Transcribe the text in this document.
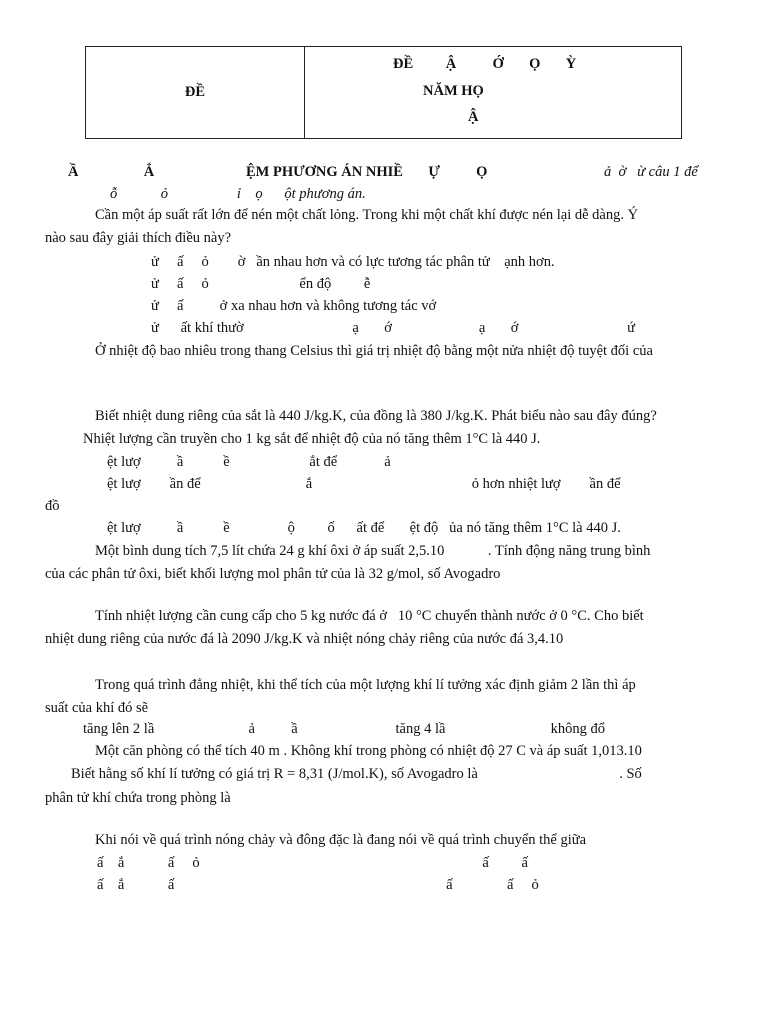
ĐỀ
ĐỀ         Ậ          Ớ       Ọ       Ỳ
NĂM HỌ
Ậ
Ầ                  Ắ	ỆM PHƯƠNG ÁN NHIỀ       Ự          Ọ	ả  ờ   ừ câu 1 để
ỗ            ỏ                   ỉ    ọ      ột phương án.
Cần một áp suất rất lớn để nén một chất lỏng. Trong khi một chất khí được nén lại dễ dàng. Ý
nào sau đây giải thích điều này?
ử     ấ     ỏ        ờ   ần nhau hơn và có lực tương tác phân tử    ạnh hơn.
ử     ấ     ỏ                         ển độ         ễ
ử     ấ          ở xa nhau hơn và không tương tác vớ
ử      ất khí thườ                              ạ       ớ                        ạ       ớ                              ứ
Ở nhiệt độ bao nhiêu trong thang Celsius thì giá trị nhiệt độ bằng một nửa nhiệt độ tuyệt đối của
Biết nhiệt dung riêng của sắt là 440 J/kg.K, của đồng là 380 J/kg.K. Phát biểu nào sau đây đúng?
Nhiệt lượng cần truyền cho 1 kg sắt để nhiệt độ của nó tăng thêm 1°C là 440 J.
ệt lượ          ầ           ề                      ắt để             ả
ệt lượ        ần để                             ắ                                            ỏ hơn nhiệt lượ        ần để
đồ
ệt lượ          ầ           ề                ộ         ố      ất để       ệt độ   ủa nó tăng thêm 1°C là 440 J.
Một bình dung tích 7,5 lít chứa 24 g khí ôxi ở áp suất 2,5.10            . Tính động năng trung bình
của các phân tử ôxi, biết khối lượng mol phân tử của là 32 g/mol, số Avogadro
Tính nhiệt lượng cần cung cấp cho 5 kg nước đá ở   10 °C chuyển thành nước ở 0 °C. Cho biết
nhiệt dung riêng của nước đá là 2090 J/kg.K và nhiệt nóng chảy riêng của nước đá 3,4.10
Trong quá trình đẳng nhiệt, khi thể tích của một lượng khí lí tưởng xác định giảm 2 lần thì áp
suất của khí đó sẽ
tăng lên 2 lầ                          ả          ầ                           tăng 4 lầ                             không đổ
Một căn phòng có thể tích 40 m . Không khí trong phòng có nhiệt độ 27 C và áp suất 1,013.10
Biết hằng số khí lí tưởng có giá trị R = 8,31 (J/mol.K), số Avogadro là                                       . Số
phân tử khí chứa trong phòng là
Khi nói về quá trình nóng chảy và đông đặc là đang nói về quá trình chuyển thể giữa
ấ    ắ            ấ     ỏ                                                                              ấ         ấ
ấ    ắ            ấ                                                                           ấ               ấ     ỏ
